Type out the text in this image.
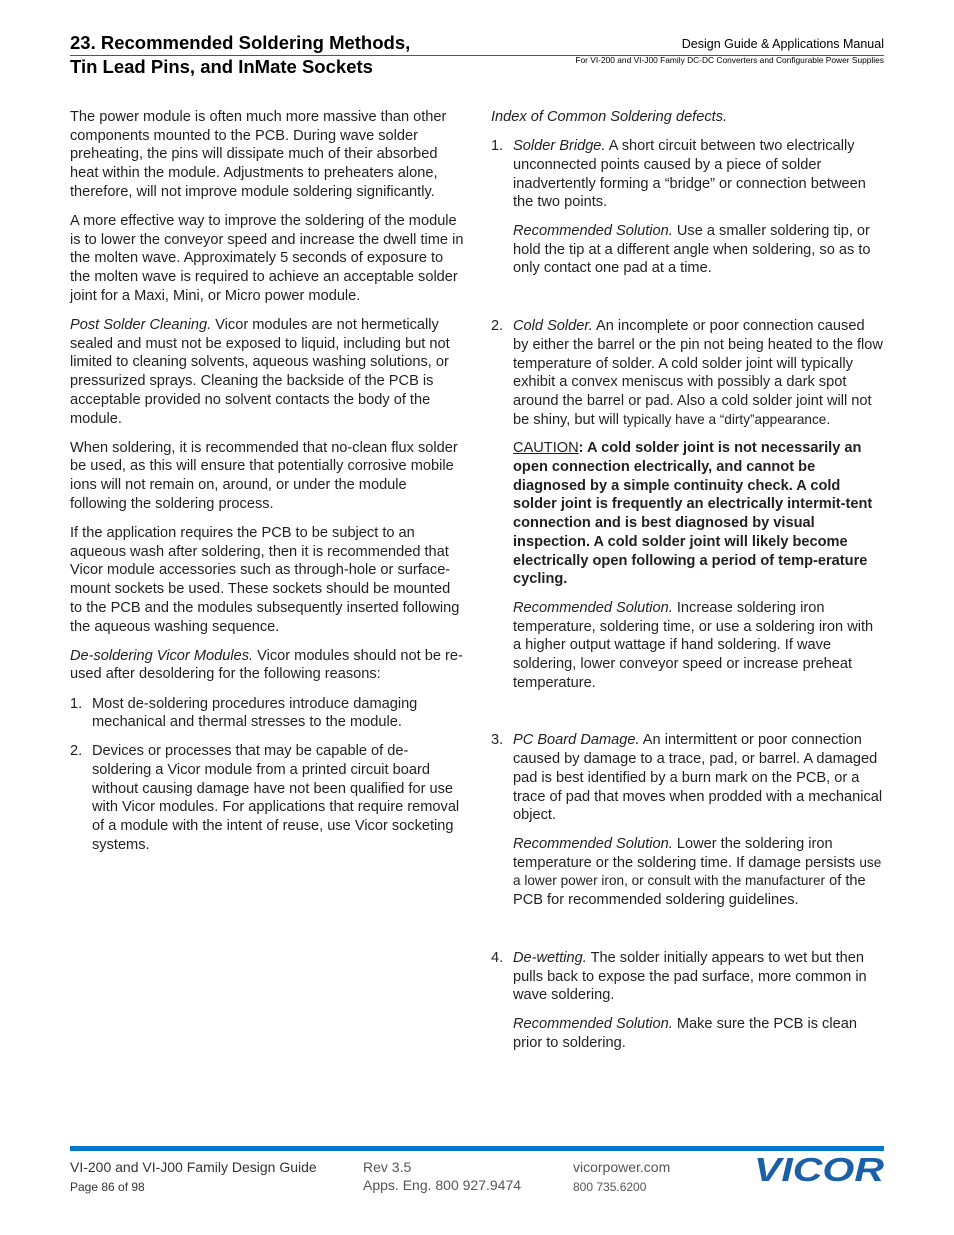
23. Recommended Soldering Methods,
Tin Lead Pins, and InMate Sockets
Design Guide & Applications Manual
For VI-200 and VI-J00 Family DC-DC Converters and Configurable Power Supplies

The power module is often much more massive than other components mounted to the PCB. During wave solder preheating, the pins will dissipate much of their absorbed heat within the module. Adjustments to preheaters alone, therefore, will not improve module soldering significantly.

A more effective way to improve the soldering of the module is to lower the conveyor speed and increase the dwell time in the molten wave. Approximately 5 seconds of exposure to the molten wave is required to achieve an acceptable solder joint for a Maxi, Mini, or Micro power module.

Post Solder Cleaning. Vicor modules are not hermetically sealed and must not be exposed to liquid, including but not limited to cleaning solvents, aqueous washing solutions, or pressurized sprays. Cleaning the backside of the PCB is acceptable provided no solvent contacts the body of the module.

When soldering, it is recommended that no-clean flux solder be used, as this will ensure that potentially corrosive mobile ions will not remain on, around, or under the module following the soldering process.

If the application requires the PCB to be subject to an aqueous wash after soldering, then it is recommended that Vicor module accessories such as through-hole or surface-mount sockets be used. These sockets should be mounted to the PCB and the modules subsequently inserted following the aqueous washing sequence.

De-soldering Vicor Modules. Vicor modules should not be re-used after desoldering for the following reasons:

1. Most de-soldering procedures introduce damaging mechanical and thermal stresses to the module.
2. Devices or processes that may be capable of de-soldering a Vicor module from a printed circuit board without causing damage have not been qualified for use with Vicor modules. For applications that require removal of a module with the intent of reuse, use Vicor socketing systems.

Index of Common Soldering defects.

1. Solder Bridge. A short circuit between two electrically unconnected points caused by a piece of solder inadvertently forming a “bridge” or connection between the two points.

Recommended Solution. Use a smaller soldering tip, or hold the tip at a different angle when soldering, so as to only contact one pad at a time.

2. Cold Solder. An incomplete or poor connection caused by either the barrel or the pin not being heated to the flow temperature of solder. A cold solder joint will typically exhibit a convex meniscus with possibly a dark spot around the barrel or pad. Also a cold solder joint will not be shiny, but will typically have a “dirty”appearance.

CAUTION: A cold solder joint is not necessarily an open connection electrically, and cannot be diagnosed by a simple continuity check. A cold solder joint is frequently an electrically intermit-tent connection and is best diagnosed by visual inspection. A cold solder joint will likely become electrically open following a period of temp-erature cycling.

Recommended Solution. Increase soldering iron temperature, soldering time, or use a soldering iron with a higher output wattage if hand soldering. If wave soldering, lower conveyor speed or increase preheat temperature.

3. PC Board Damage. An intermittent or poor connection caused by damage to a trace, pad, or barrel. A damaged pad is best identified by a burn mark on the PCB, or a trace of pad that moves when prodded with a mechanical object.

Recommended Solution. Lower the soldering iron temperature or the soldering time. If damage persists use a lower power iron, or consult with the manufacturer of the PCB for recommended soldering guidelines.

4. De-wetting. The solder initially appears to wet but then pulls back to expose the pad surface, more common in wave soldering.

Recommended Solution. Make sure the PCB is clean prior to soldering.

VI-200 and VI-J00 Family Design Guide
Page 86 of 98
Rev 3.5
Apps. Eng. 800 927.9474
vicorpower.com
800 735.6200	VICOR
